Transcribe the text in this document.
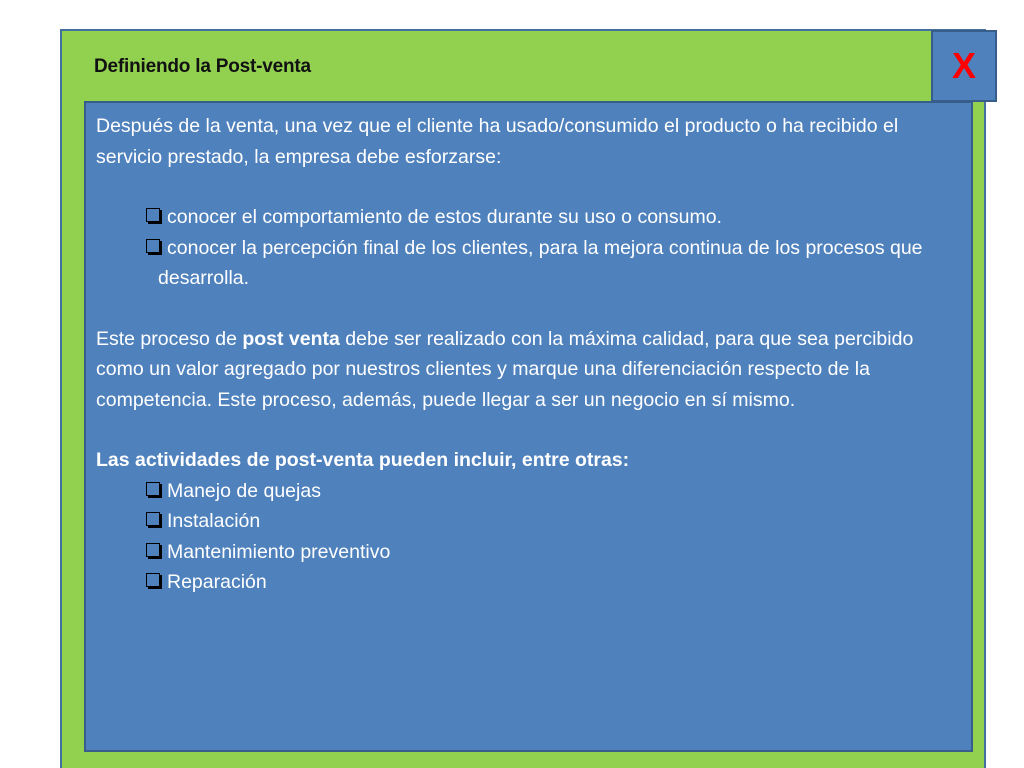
Definiendo la Post-venta	X

Después de la venta, una vez que el cliente ha usado/consumido el producto o ha recibido el servicio prestado, la empresa debe esforzarse:

conocer el comportamiento de estos durante su uso o consumo.
conocer la percepción final de los clientes, para la mejora continua de los procesos que desarrolla.

Este proceso de post venta debe ser realizado con la máxima calidad, para que sea percibido como un valor agregado por nuestros clientes y marque una diferenciación respecto de la competencia. Este proceso, además, puede llegar a ser un negocio en sí mismo.

Las actividades de post-venta pueden incluir, entre otras:

Manejo de quejas
Instalación
Mantenimiento preventivo
Reparación
